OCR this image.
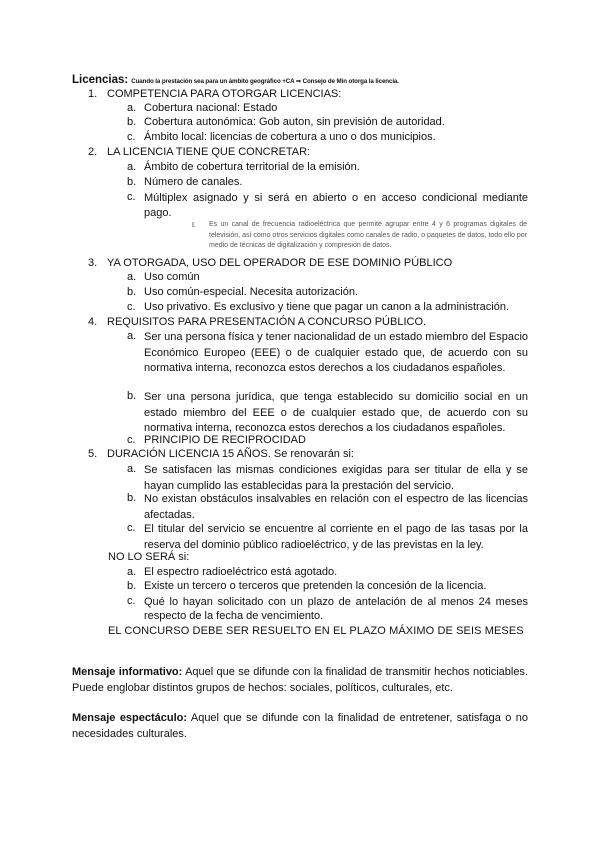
Licencias: Cuando la prestación sea para un ámbito geográfico +CA ⇒ Consejo de Min otorga la licencia.
1. COMPETENCIA PARA OTORGAR LICENCIAS:
a. Cobertura nacional: Estado
b. Cobertura autonómica: Gob auton, sin previsión de autoridad.
c. Ámbito local: licencias de cobertura a uno o dos municipios.
2. LA LICENCIA TIENE QUE CONCRETAR:
a. Ámbito de cobertura territorial de la emisión.
b. Número de canales.
c. Múltiplex asignado y si será en abierto o en acceso condicional mediante pago.
I. Es un canal de frecuencia radioeléctrica que permite agrupar entre 4 y 6 programas digitales de televisión, así como otros servicios digitales como canales de radio, o paquetes de datos, todo ello por medio de técnicas de digitalización y compresión de datos.
3. YA OTORGADA, USO DEL OPERADOR DE ESE DOMINIO PÚBLICO
a. Uso común
b. Uso común-especial. Necesita autorización.
c. Uso privativo. Es exclusivo y tiene que pagar un canon a la administración.
4. REQUISITOS PARA PRESENTACIÓN A CONCURSO PÚBLICO.
a. Ser una persona física y tener nacionalidad de un estado miembro del Espacio Económico Europeo (EEE) o de cualquier estado que, de acuerdo con su normativa interna, reconozca estos derechos a los ciudadanos españoles.
b. Ser una persona jurídica, que tenga establecido su domicilio social en un estado miembro del EEE o de cualquier estado que, de acuerdo con su normativa interna, reconozca estos derechos a los ciudadanos españoles.
c. PRINCIPIO DE RECIPROCIDAD
5. DURACIÓN LICENCIA 15 AÑOS. Se renovarán si:
a. Se satisfacen las mismas condiciones exigidas para ser titular de ella y se hayan cumplido las establecidas para la prestación del servicio.
b. No existan obstáculos insalvables en relación con el espectro de las licencias afectadas.
c. El titular del servicio se encuentre al corriente en el pago de las tasas por la reserva del dominio público radioeléctrico, y de las previstas en la ley.
NO LO SERÁ si:
a. El espectro radioeléctrico está agotado.
b. Existe un tercero o terceros que pretenden la concesión de la licencia.
c. Qué lo hayan solicitado con un plazo de antelación de al menos 24 meses respecto de la fecha de vencimiento.
EL CONCURSO DEBE SER RESUELTO EN EL PLAZO MÁXIMO DE SEIS MESES
Mensaje informativo: Aquel que se difunde con la finalidad de transmitir hechos noticiables. Puede englobar distintos grupos de hechos: sociales, políticos, culturales, etc.
Mensaje espectáculo: Aquel que se difunde con la finalidad de entretener, satisfaga o no necesidades culturales.
